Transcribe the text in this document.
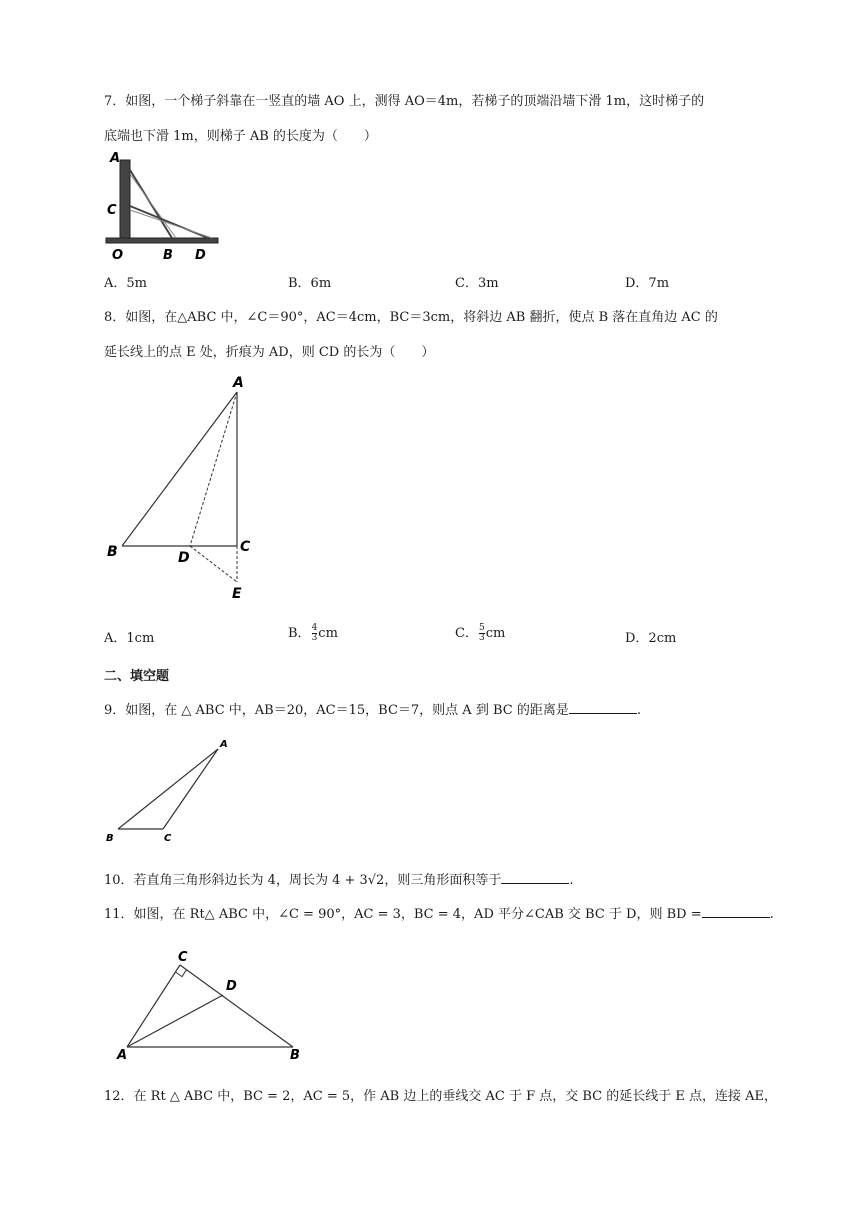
7．如图，一个梯子斜靠在一竖直的墙 AO 上，测得 AO＝4m，若梯子的顶端沿墙下滑 1m，这时梯子的
底端也下滑 1m，则梯子 AB 的长度为（　　）
A
C
O	B D
A．5m	B．6m	C．3m	D．7m
8．如图，在△ABC 中，∠C＝90°，AC＝4cm，BC＝3cm，将斜边 AB 翻折，使点 B 落在直角边 AC 的
延长线上的点 E 处，折痕为 AD，则 CD 的长为（　　）
A
B	D
C
E
A．1cm	B． $\frac{4}{3}$ cm	C． $\frac{5}{3}$ cm	D．2cm
二、填空题
9．如图，在 △ ABC 中，AB＝20，AC＝15，BC＝7，则点 A 到 BC 的距离是	.
A
B	C
10．若直角三角形斜边长为 4，周长为 4 + 3√2，则三角形面积等于	.
11．如图，在 Rt△ ABC 中，∠C = 90°，AC = 3，BC = 4，AD 平分∠CAB 交 BC 于 D，则 BD =	.
C
D
A	B
12．在 Rt △ ABC 中，BC = 2，AC = 5，作 AB 边上的垂线交 AC 于 F 点，交 BC 的延长线于 E 点，连接 AE，
